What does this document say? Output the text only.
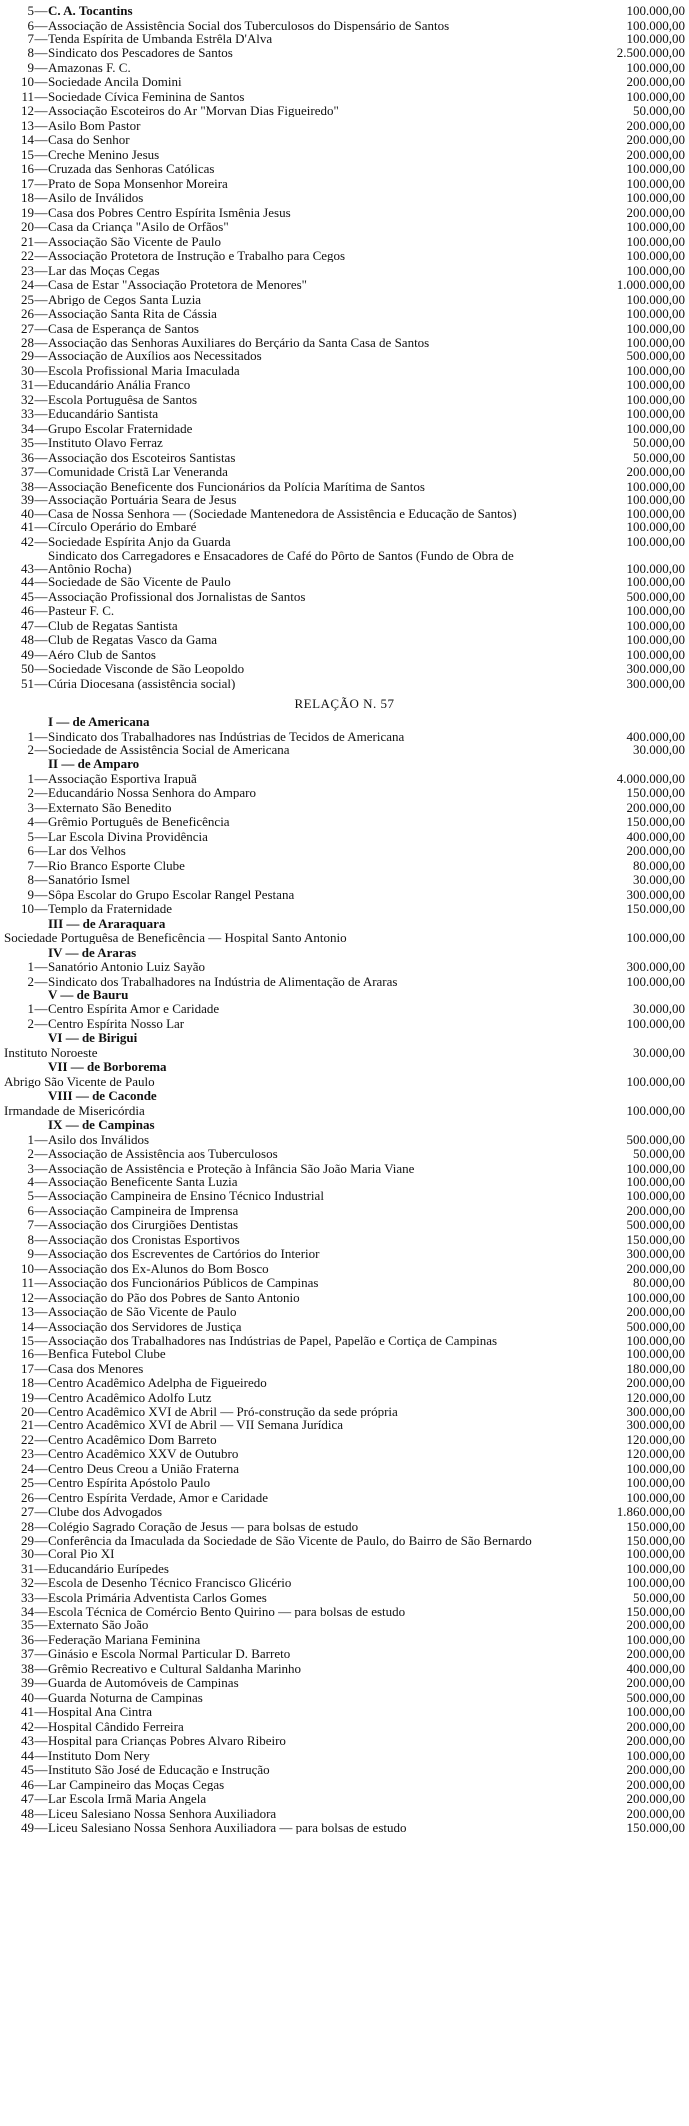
5 — C. A. Tocantins	100.000,00
6 — Associação de Assistência Social dos Tuberculosos do Dispensário de Santos	100.000,00
7 — Tenda Espírita de Umbanda Estrêla D'Alva	100.000,00
8 — Sindicato dos Pescadores de Santos	2.500.000,00
9 — Amazonas F. C.	100.000,00
10 — Sociedade Ancila Domini	200.000,00
11 — Sociedade Cívica Feminina de Santos	100.000,00
12 — Associação Escoteiros do Ar "Morvan Dias Figueiredo"	50.000,00
13 — Asilo Bom Pastor	200.000,00
14 — Casa do Senhor	200.000,00
15 — Creche Menino Jesus	200.000,00
16 — Cruzada das Senhoras Católicas	100.000,00
17 — Prato de Sopa Monsenhor Moreira	100.000,00
18 — Asilo de Inválidos	100.000,00
19 — Casa dos Pobres Centro Espírita Ismênia Jesus	200.000,00
20 — Casa da Criança "Asilo de Orfãos"	100.000,00
21 — Associação São Vicente de Paulo	100.000,00
22 — Associação Protetora de Instrução e Trabalho para Cegos	100.000,00
23 — Lar das Moças Cegas	100.000,00
24 — Casa de Estar "Associação Protetora de Menores"	1.000.000,00
25 — Abrigo de Cegos Santa Luzia	100.000,00
26 — Associação Santa Rita de Cássia	100.000,00
27 — Casa de Esperança de Santos	100.000,00
28 — Associação das Senhoras Auxiliares do Berçário da Santa Casa de Santos	100.000,00
29 — Associação de Auxílios aos Necessitados	500.000,00
30 — Escola Profissional Maria Imaculada	100.000,00
31 — Educandário Anália Franco	100.000,00
32 — Escola Portuguêsa de Santos	100.000,00
33 — Educandário Santista	100.000,00
34 — Grupo Escolar Fraternidade	100.000,00
35 — Instituto Olavo Ferraz	50.000,00
36 — Associação dos Escoteiros Santistas	50.000,00
37 — Comunidade Cristã Lar Veneranda	200.000,00
38 — Associação Beneficente dos Funcionários da Polícia Marítima de Santos	100.000,00
39 — Associação Portuária Seara de Jesus	100.000,00
40 — Casa de Nossa Senhora — (Sociedade Mantenedora de Assistência e Educação de Santos)	100.000,00
41 — Círculo Operário do Embaré	100.000,00
42 — Sociedade Espírita Anjo da Guarda	100.000,00
43 —
Sindicato dos Carregadores e Ensacadores de Café do Pôrto de Santos (Fundo de Obra de Antônio Rocha)	100.000,00
44 — Sociedade de São Vicente de Paulo	100.000,00
45 — Associação Profissional dos Jornalistas de Santos	500.000,00
46 — Pasteur F. C.	100.000,00
47 — Club de Regatas Santista	100.000,00
48 — Club de Regatas Vasco da Gama	100.000,00
49 — Aéro Club de Santos	100.000,00
50 — Sociedade Visconde de São Leopoldo	300.000,00
51 — Cúria Diocesana (assistência social)	300.000,00
RELAÇÃO N. 57
I — de Americana
1 — Sindicato dos Trabalhadores nas Indústrias de Tecidos de Americana	400.000,00
2 — Sociedade de Assistência Social de Americana	30.000,00
II — de Amparo
1 — Associação Esportiva Irapuã	4.000.000,00
2 — Educandário Nossa Senhora do Amparo	150.000,00
3 — Externato São Benedito	200.000,00
4 — Grêmio Português de Beneficência	150.000,00
5 — Lar Escola Divina Providência	400.000,00
6 — Lar dos Velhos	200.000,00
7 — Rio Branco Esporte Clube	80.000,00
8 — Sanatório Ismel	30.000,00
9 — Sôpa Escolar do Grupo Escolar Rangel Pestana	300.000,00
10 — Templo da Fraternidade	150.000,00
III — de Araraquara
Sociedade Portuguêsa de Beneficência — Hospital Santo Antonio	100.000,00
IV — de Araras
1 — Sanatório Antonio Luiz Sayão	300.000,00
2 — Sindicato dos Trabalhadores na Indústria de Alimentação de Araras	100.000,00
V — de Bauru
1 — Centro Espírita Amor e Caridade	30.000,00
2 — Centro Espírita Nosso Lar	100.000,00
VI — de Birigui
Instituto Noroeste	30.000,00
VII — de Borborema
Abrigo São Vicente de Paulo	100.000,00
VIII — de Caconde
Irmandade de Misericórdia	100.000,00
IX — de Campinas
1 — Asilo dos Inválidos	500.000,00
2 — Associação de Assistência aos Tuberculosos	50.000,00
3 — Associação de Assistência e Proteção à Infância São João Maria Viane	100.000,00
4 — Associação Beneficente Santa Luzia	100.000,00
5 — Associação Campineira de Ensino Técnico Industrial	100.000,00
6 — Associação Campineira de Imprensa	200.000,00
7 — Associação dos Cirurgiões Dentistas	500.000,00
8 — Associação dos Cronistas Esportivos	150.000,00
9 — Associação dos Escreventes de Cartórios do Interior	300.000,00
10 — Associação dos Ex-Alunos do Bom Bosco	200.000,00
11 — Associação dos Funcionários Públicos de Campinas	80.000,00
12 — Associação do Pão dos Pobres de Santo Antonio	100.000,00
13 — Associação de São Vicente de Paulo	200.000,00
14 — Associação dos Servidores de Justiça	500.000,00
15 — Associação dos Trabalhadores nas Indústrias de Papel, Papelão e Cortiça de Campinas	100.000,00
16 — Benfica Futebol Clube	100.000,00
17 — Casa dos Menores	180.000,00
18 — Centro Acadêmico Adelpha de Figueiredo	200.000,00
19 — Centro Acadêmico Adolfo Lutz	120.000,00
20 — Centro Acadêmico XVI de Abril — Pró-construção da sede própria	300.000,00
21 — Centro Acadêmico XVI de Abril — VII Semana Jurídica	300.000,00
22 — Centro Acadêmico Dom Barreto	120.000,00
23 — Centro Acadêmico XXV de Outubro	120.000,00
24 — Centro Deus Creou a União Fraterna	100.000,00
25 — Centro Espírita Apóstolo Paulo	100.000,00
26 — Centro Espírita Verdade, Amor e Caridade	100.000,00
27 — Clube dos Advogados	1.860.000,00
28 — Colégio Sagrado Coração de Jesus — para bolsas de estudo	150.000,00
29 — Conferência da Imaculada da Sociedade de São Vicente de Paulo, do Bairro de São Bernardo	150.000,00
30 — Coral Pio XI	100.000,00
31 — Educandário Eurípedes	100.000,00
32 — Escola de Desenho Técnico Francisco Glicério	100.000,00
33 — Escola Primária Adventista Carlos Gomes	50.000,00
34 — Escola Técnica de Comércio Bento Quirino — para bolsas de estudo	150.000,00
35 — Externato São João	200.000,00
36 — Federação Mariana Feminina	100.000,00
37 — Ginásio e Escola Normal Particular D. Barreto	200.000,00
38 — Grêmio Recreativo e Cultural Saldanha Marinho	400.000,00
39 — Guarda de Automóveis de Campinas	200.000,00
40 — Guarda Noturna de Campinas	500.000,00
41 — Hospital Ana Cintra	100.000,00
42 — Hospital Cândido Ferreira	200.000,00
43 — Hospital para Crianças Pobres Alvaro Ribeiro	200.000,00
44 — Instituto Dom Nery	100.000,00
45 — Instituto São José de Educação e Instrução	200.000,00
46 — Lar Campineiro das Moças Cegas	200.000,00
47 — Lar Escola Irmã Maria Angela	200.000,00
48 — Liceu Salesiano Nossa Senhora Auxiliadora	200.000,00
49 — Liceu Salesiano Nossa Senhora Auxiliadora — para bolsas de estudo	150.000,00
